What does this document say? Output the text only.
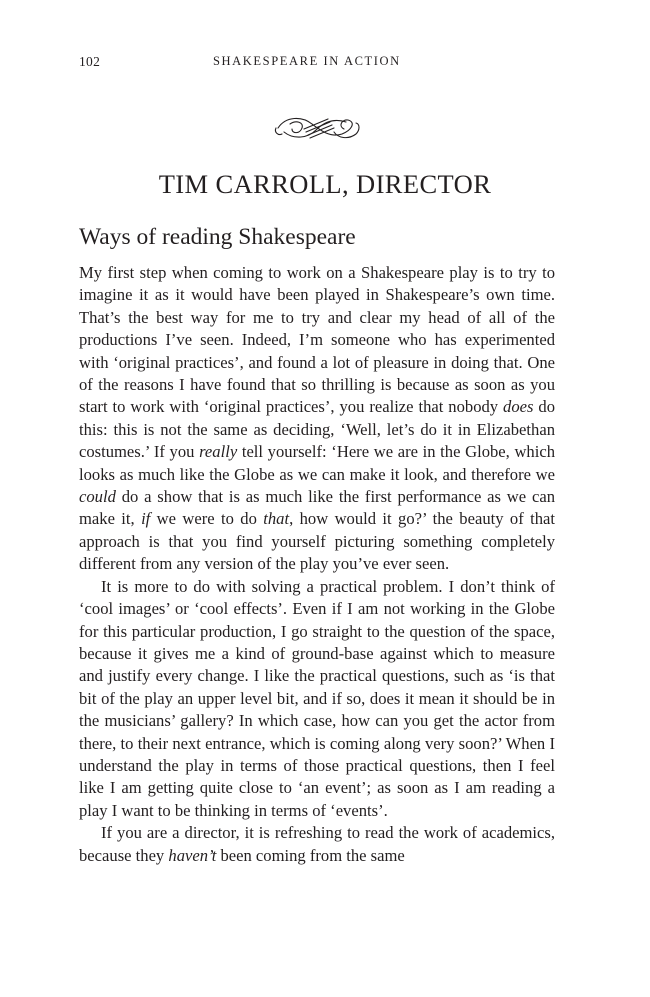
102	SHAKESPEARE IN ACTION
TIM CARROLL, DIRECTOR
Ways of reading Shakespeare

My first step when coming to work on a Shakespeare play is to try to imagine it as it would have been played in Shakespeare’s own time. That’s the best way for me to try and clear my head of all of the productions I’ve seen. Indeed, I’m someone who has experimented with ‘original practices’, and found a lot of pleasure in doing that. One of the reasons I have found that so thrilling is because as soon as you start to work with ‘original practices’, you realize that nobody does do this: this is not the same as deciding, ‘Well, let’s do it in Elizabethan costumes.’ If you really tell yourself: ‘Here we are in the Globe, which looks as much like the Globe as we can make it look, and therefore we could do a show that is as much like the first performance as we can make it, if we were to do that, how would it go?’ the beauty of that approach is that you find yourself picturing something completely different from any version of the play you’ve ever seen.

It is more to do with solving a practical problem. I don’t think of ‘cool images’ or ‘cool effects’. Even if I am not working in the Globe for this particular production, I go straight to the question of the space, because it gives me a kind of ground-base against which to measure and justify every change. I like the practical questions, such as ‘is that bit of the play an upper level bit, and if so, does it mean it should be in the musicians’ gallery? In which case, how can you get the actor from there, to their next entrance, which is coming along very soon?’ When I understand the play in terms of those practical questions, then I feel like I am getting quite close to ‘an event’; as soon as I am reading a play I want to be thinking in terms of ‘events’.

If you are a director, it is refreshing to read the work of academics, because they haven’t been coming from the same
